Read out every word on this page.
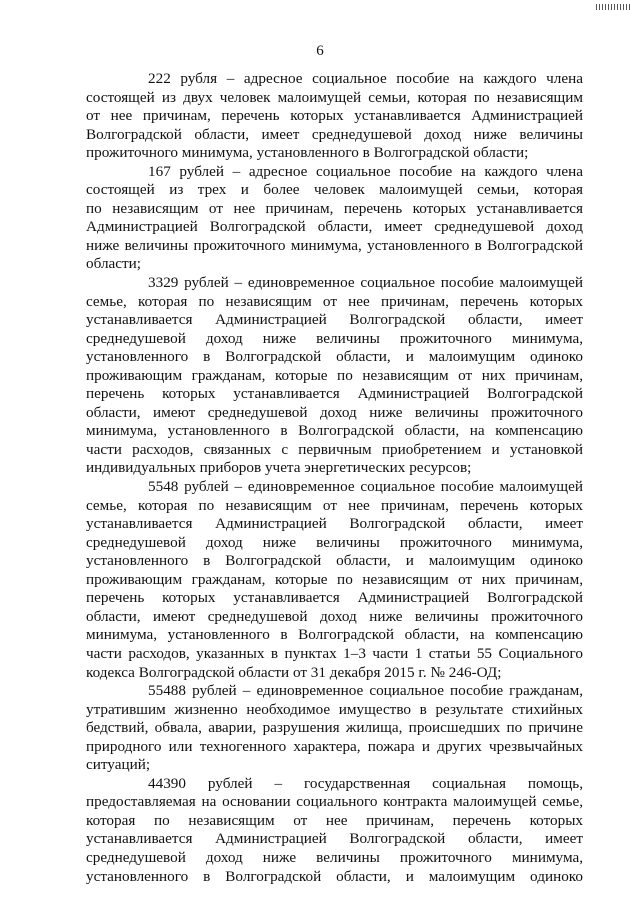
6
222 рубля – адресное социальное пособие на каждого члена
состоящей из двух человек малоимущей семьи, которая по независящим
от нее причинам, перечень которых устанавливается Администрацией
Волгоградской области, имеет среднедушевой доход ниже величины
прожиточного минимума, установленного в Волгоградской области;
167 рублей – адресное социальное пособие на каждого члена
состоящей из трех и более человек малоимущей семьи, которая
по независящим от нее причинам, перечень которых устанавливается
Администрацией Волгоградской области, имеет среднедушевой доход
ниже величины прожиточного минимума, установленного в Волгоградской
области;
3329 рублей – единовременное социальное пособие малоимущей
семье, которая по независящим от нее причинам, перечень которых
устанавливается Администрацией Волгоградской области, имеет
среднедушевой доход ниже величины прожиточного минимума,
установленного в Волгоградской области, и малоимущим одиноко
проживающим гражданам, которые по независящим от них причинам,
перечень которых устанавливается Администрацией Волгоградской
области, имеют среднедушевой доход ниже величины прожиточного
минимума, установленного в Волгоградской области, на компенсацию
части расходов, связанных с первичным приобретением и установкой
индивидуальных приборов учета энергетических ресурсов;
5548 рублей – единовременное социальное пособие малоимущей
семье, которая по независящим от нее причинам, перечень которых
устанавливается Администрацией Волгоградской области, имеет
среднедушевой доход ниже величины прожиточного минимума,
установленного в Волгоградской области, и малоимущим одиноко
проживающим гражданам, которые по независящим от них причинам,
перечень которых устанавливается Администрацией Волгоградской
области, имеют среднедушевой доход ниже величины прожиточного
минимума, установленного в Волгоградской области, на компенсацию
части расходов, указанных в пунктах 1–3 части 1 статьи 55 Социального
кодекса Волгоградской области от 31 декабря 2015 г. № 246-ОД;
55488 рублей – единовременное социальное пособие гражданам,
утратившим жизненно необходимое имущество в результате стихийных
бедствий, обвала, аварии, разрушения жилища, происшедших по причине
природного или техногенного характера, пожара и других чрезвычайных
ситуаций;
44390 рублей – государственная социальная помощь,
предоставляемая на основании социального контракта малоимущей семье,
которая по независящим от нее причинам, перечень которых
устанавливается Администрацией Волгоградской области, имеет
среднедушевой доход ниже величины прожиточного минимума,
установленного в Волгоградской области, и малоимущим одиноко
